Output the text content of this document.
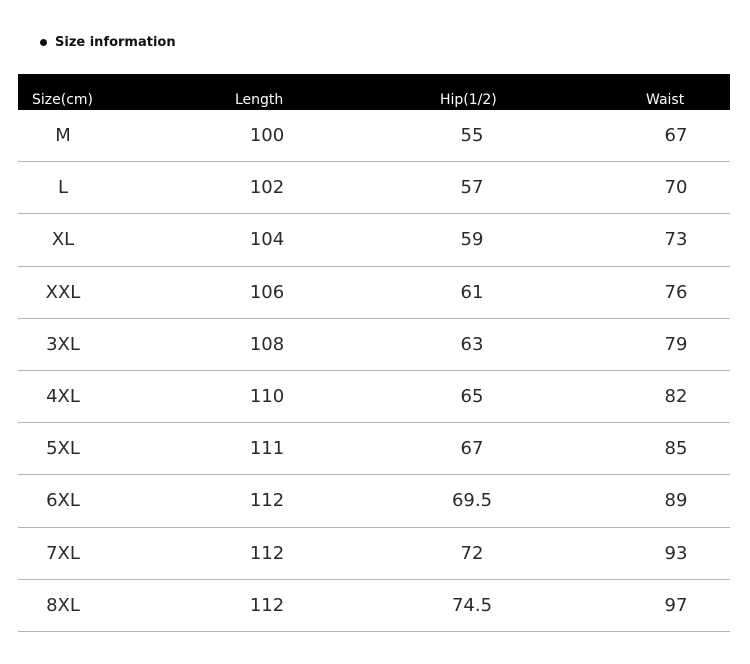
Size information
Size(cm)	Length	Hip(1/2)	Waist
M	100	55	67
L	102	57	70
XL	104	59	73
XXL	106	61	76
3XL	108	63	79
4XL	110	65	82
5XL	111	67	85
6XL	112	69.5	89
7XL	112	72	93
8XL	112	74.5	97
